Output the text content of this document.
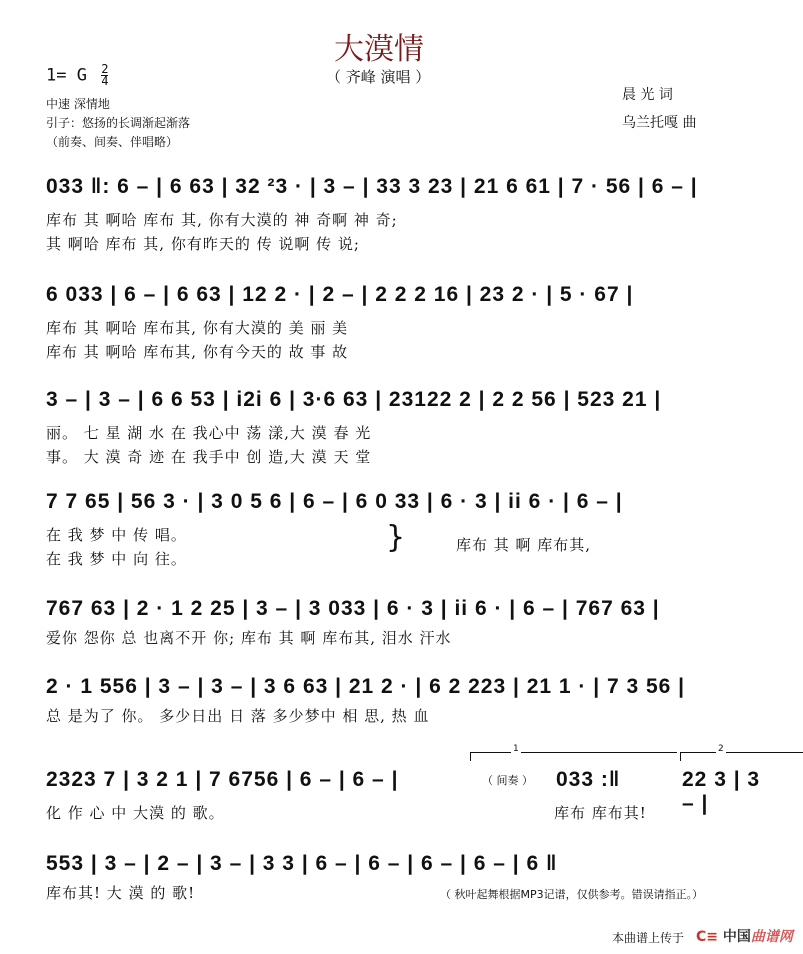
大漠情
（ 齐峰 演唱 ）
1= G $\frac{2}{4}$
中速 深情地
引子：悠扬的长调渐起渐落
（前奏、间奏、伴唱略）
晨 光 词
乌兰托嘎 曲
033 ‖: 6 – | 6 63 | 32 ²3 · | 3 – | 33 3 23 | 21 6 61 | 7 · 56 | 6 – |
库布 其 啊哈 库布 其, 你有大漠的 神 奇啊 神 奇;
其 啊哈 库布 其, 你有昨天的 传 说啊 传 说;
6 033 | 6 – | 6 63 | 12 2 · | 2 – | 2 2 2 16 | 23 2 · | 5 · 67 |
库布 其 啊哈 库布其, 你有大漠的 美 丽 美
库布 其 啊哈 库布其, 你有今天的 故 事 故
3 – | 3 – | 6 6 53 | i2i 6 | 3·6 63 | 23122 2 | 2 2 56 | 523 21 |
丽。 七 星 湖 水 在 我心中 荡 漾,大 漠 春 光
事。 大 漠 奇 迹 在 我手中 创 造,大 漠 天 堂
7 7 65 | 56 3 · | 3 0 5 6 | 6 – | 6 0 33 | 6 · 3 | ii 6 · | 6 – |
在 我 梦 中 传 唱。
在 我 梦 中 向 往。
}	库布 其 啊 库布其,
767 63 | 2 · 1 2 25 | 3 – | 3 033 | 6 · 3 | ii 6 · | 6 – | 767 63 |
爱你 怨你 总 也离不开 你; 库布 其 啊 库布其, 泪水 汗水
2 · 1 556 | 3 – | 3 – | 3 6 63 | 21 2 · | 6 2 223 | 21 1 · | 7 3 56 |
总 是为了 你。 多少日出 日 落 多少梦中 相 思, 热 血
2323 7 | 3 2 1 | 7 6756 | 6 – | 6 – |
化 作 心 中 大漠 的 歌。
1	2
（ 间奏 ） 033 :‖	22 3 | 3 – |
库布 库布其!
553 | 3 – | 2 – | 3 – | 3 3 | 6 – | 6 – | 6 – | 6 – | 6 ‖
库布其! 大 漠 的 歌!	（ 秋叶起舞根据MP3记谱，仅供参考。错误请指正。）
本曲谱上传于 C≡ 中国曲谱网
